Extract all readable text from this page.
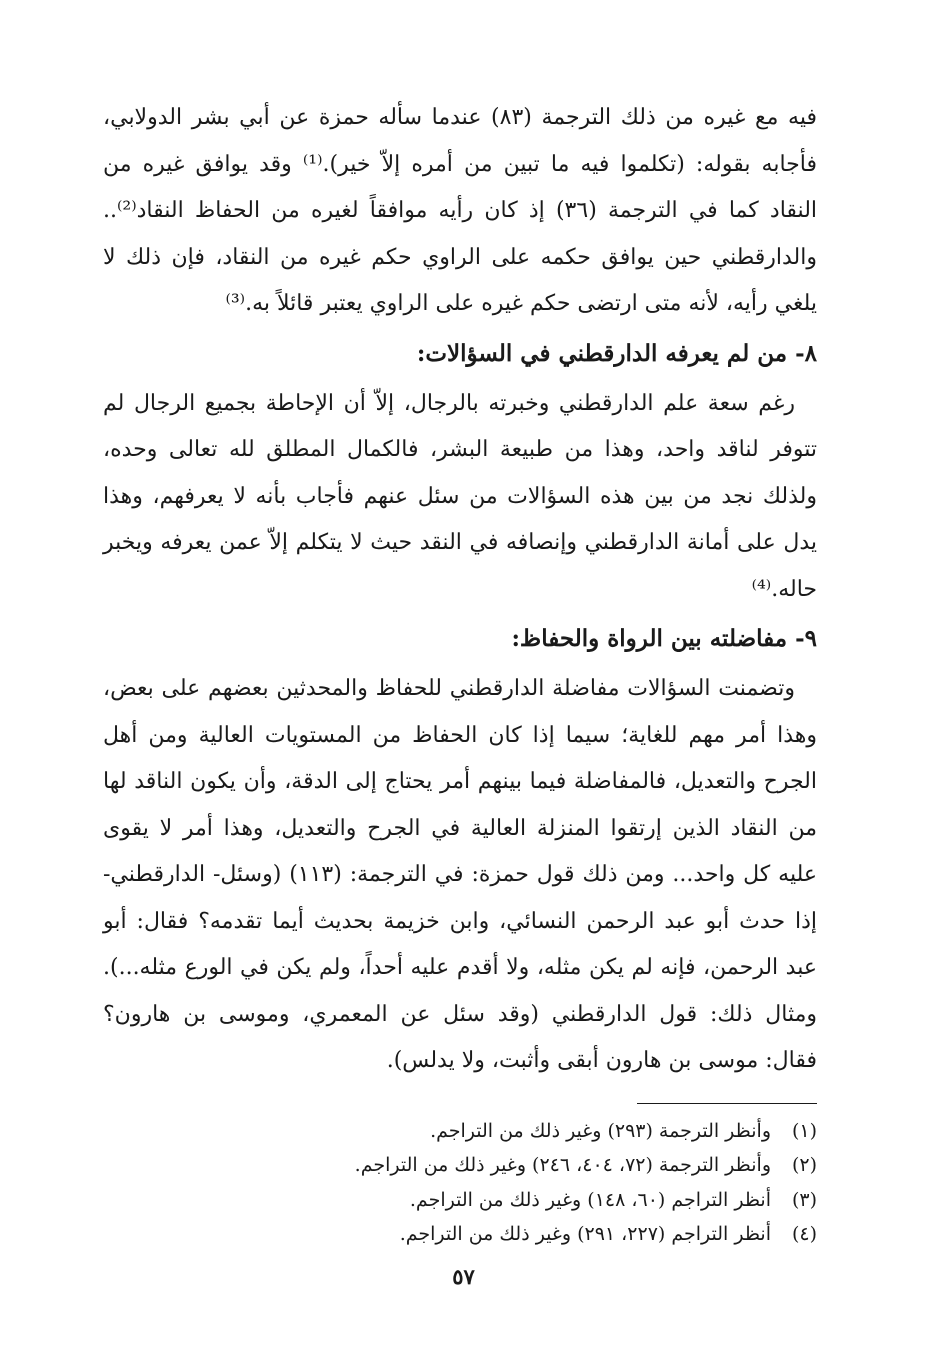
فيه مع غيره من ذلك الترجمة (٨٣) عندما سأله حمزة عن أبي بشر الدولابي، فأجابه بقوله: (تكلموا فيه ما تبين من أمره إلاّ خير).⁽¹⁾ وقد يوافق غيره من النقاد كما في الترجمة (٣٦) إذ كان رأيه موافقاً لغيره من الحفاظ النقاد⁽²⁾.. والدارقطني حين يوافق حكمه على الراوي حكم غيره من النقاد، فإن ذلك لا يلغي رأيه، لأنه متى ارتضى حكم غيره على الراوي يعتبر قائلاً به.⁽³⁾

٨- من لم يعرفه الدارقطني في السؤالات:

رغم سعة علم الدارقطني وخبرته بالرجال، إلاّ أن الإحاطة بجميع الرجال لم تتوفر لناقد واحد، وهذا من طبيعة البشر، فالكمال المطلق لله تعالى وحده، ولذلك نجد من بين هذه السؤالات من سئل عنهم فأجاب بأنه لا يعرفهم، وهذا يدل على أمانة الدارقطني وإنصافه في النقد حيث لا يتكلم إلاّ عمن يعرفه ويخبر حاله.⁽⁴⁾

٩- مفاضلته بين الرواة والحفاظ:

وتضمنت السؤالات مفاضلة الدارقطني للحفاظ والمحدثين بعضهم على بعض، وهذا أمر مهم للغاية؛ سيما إذا كان الحفاظ من المستويات العالية ومن أهل الجرح والتعديل، فالمفاضلة فيما بينهم أمر يحتاج إلى الدقة، وأن يكون الناقد لها من النقاد الذين إرتقوا المنزلة العالية في الجرح والتعديل، وهذا أمر لا يقوى عليه كل واحد... ومن ذلك قول حمزة: في الترجمة: (١١٣) (وسئل- الدارقطني- إذا حدث أبو عبد الرحمن النسائي، وابن خزيمة بحديث أيما تقدمه؟ فقال: أبو عبد الرحمن، فإنه لم يكن مثله، ولا أقدم عليه أحداً، ولم يكن في الورع مثله...). ومثال ذلك: قول الدارقطني (وقد سئل عن المعمري، وموسى بن هارون؟ فقال: موسى بن هارون أبقى وأثبت، ولا يدلس).

(١)
وأنظر الترجمة (٢٩٣) وغير ذلك من التراجم.

(٢)
وأنظر الترجمة (٧٢، ٤٠٤، ٢٤٦) وغير ذلك من التراجم.

(٣)
أنظر التراجم (٦٠، ١٤٨) وغير ذلك من التراجم.

(٤)
أنظر التراجم (٢٢٧، ٢٩١) وغير ذلك من التراجم.

٥٧
